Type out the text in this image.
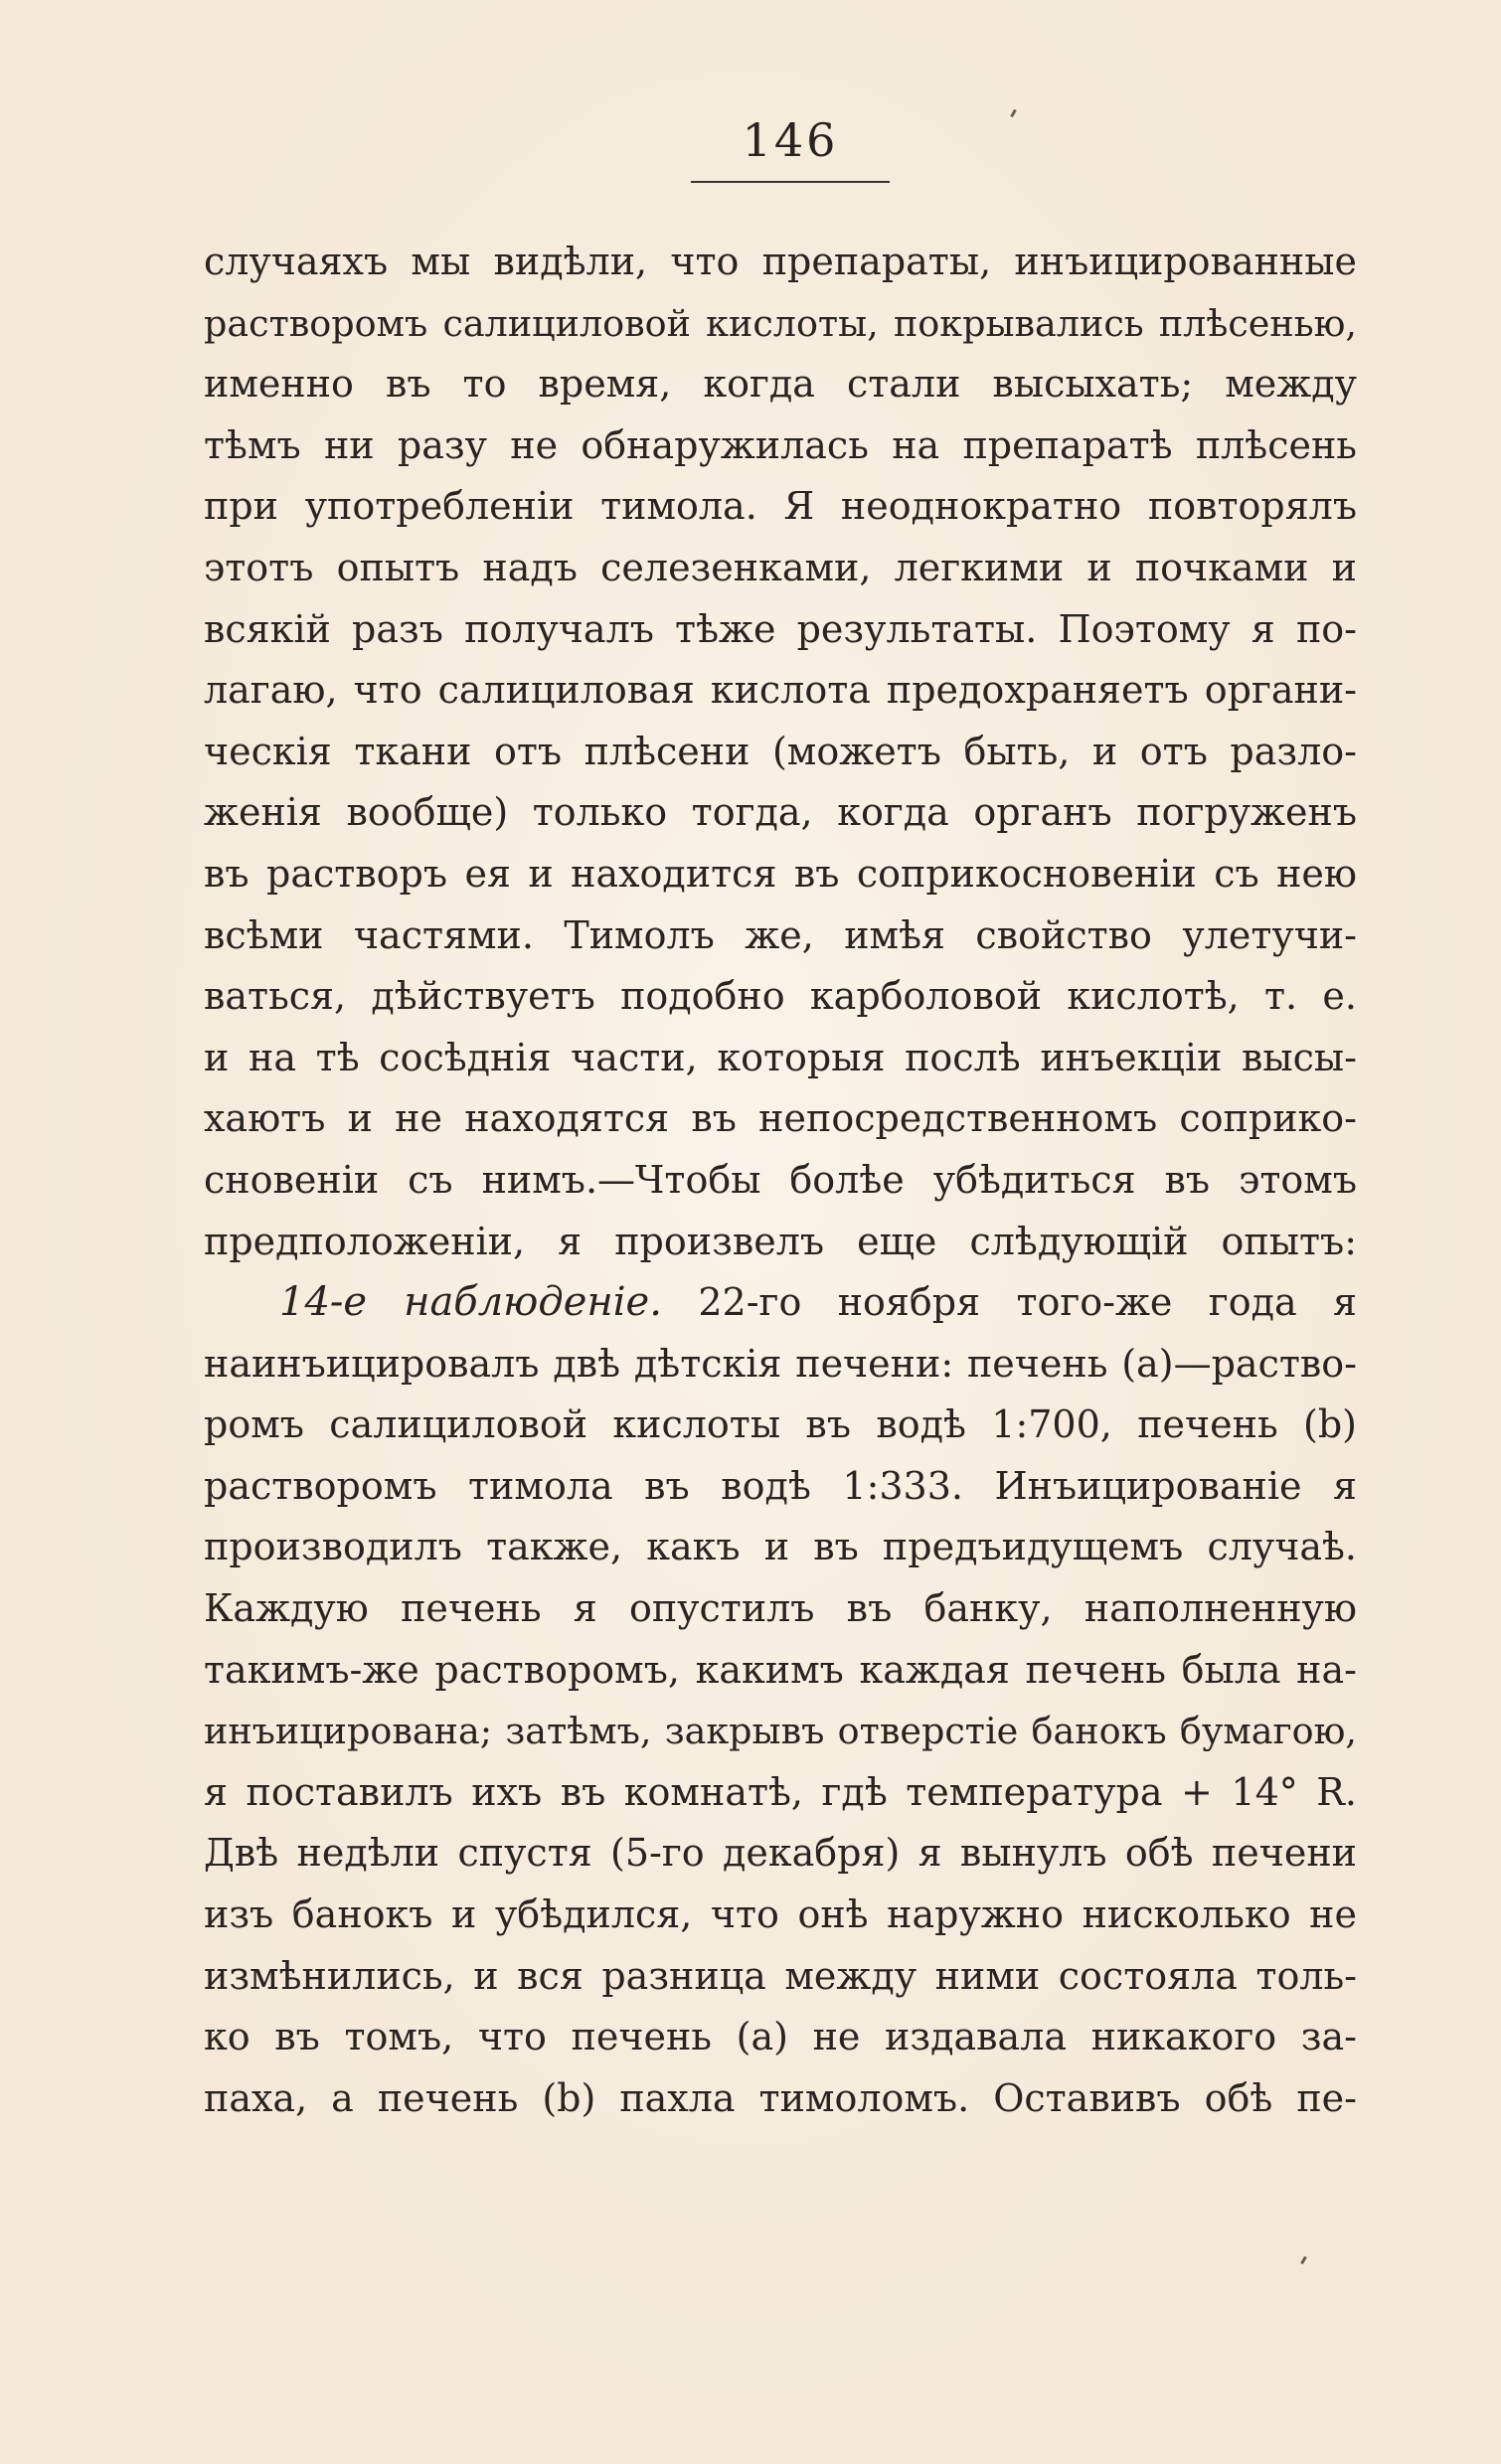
146
случаяхъ мы видѣли, что препараты, инъицированные
растворомъ салициловой кислоты, покрывались плѣсенью,
именно въ то время, когда стали высыхать; между
тѣмъ ни разу не обнаружилась на препаратѣ плѣсень
при употребленіи тимола. Я неоднократно повторялъ
этотъ опытъ надъ селезенками, легкими и почками и
всякій разъ получалъ тѣже результаты. Поэтому я по-
лагаю, что салициловая кислота предохраняетъ органи-
ческія ткани отъ плѣсени (можетъ быть, и отъ разло-
женія вообще) только тогда, когда органъ погруженъ
въ растворъ ея и находится въ соприкосновеніи съ нею
всѣми частями. Тимолъ же, имѣя свойство улетучи-
ваться, дѣйствуетъ подобно карболовой кислотѣ, т. е.
и на тѣ сосѣднія части, которыя послѣ инъекціи высы-
хаютъ и не находятся въ непосредственномъ соприко-
сновеніи съ нимъ.—Чтобы болѣе убѣдиться въ этомъ
предположеніи, я произвелъ еще слѣдующій опытъ:
14-е наблюденіе. 22-го ноября того-же года я
наинъицировалъ двѣ дѣтскія печени: печень (a)—раство-
ромъ салициловой кислоты въ водѣ 1:700, печень (b)
растворомъ тимола въ водѣ 1:333. Инъицированіе я
производилъ также, какъ и въ предъидущемъ случаѣ.
Каждую печень я опустилъ въ банку, наполненную
такимъ-же растворомъ, какимъ каждая печень была на-
инъицирована; затѣмъ, закрывъ отверстіе банокъ бумагою,
я поставилъ ихъ въ комнатѣ, гдѣ температура + 14° R.
Двѣ недѣли спустя (5-го декабря) я вынулъ обѣ печени
изъ банокъ и убѣдился, что онѣ наружно нисколько не
измѣнились, и вся разница между ними состояла толь-
ко въ томъ, что печень (a) не издавала никакого за-
паха, а печень (b) пахла тимоломъ. Оставивъ обѣ пе-
